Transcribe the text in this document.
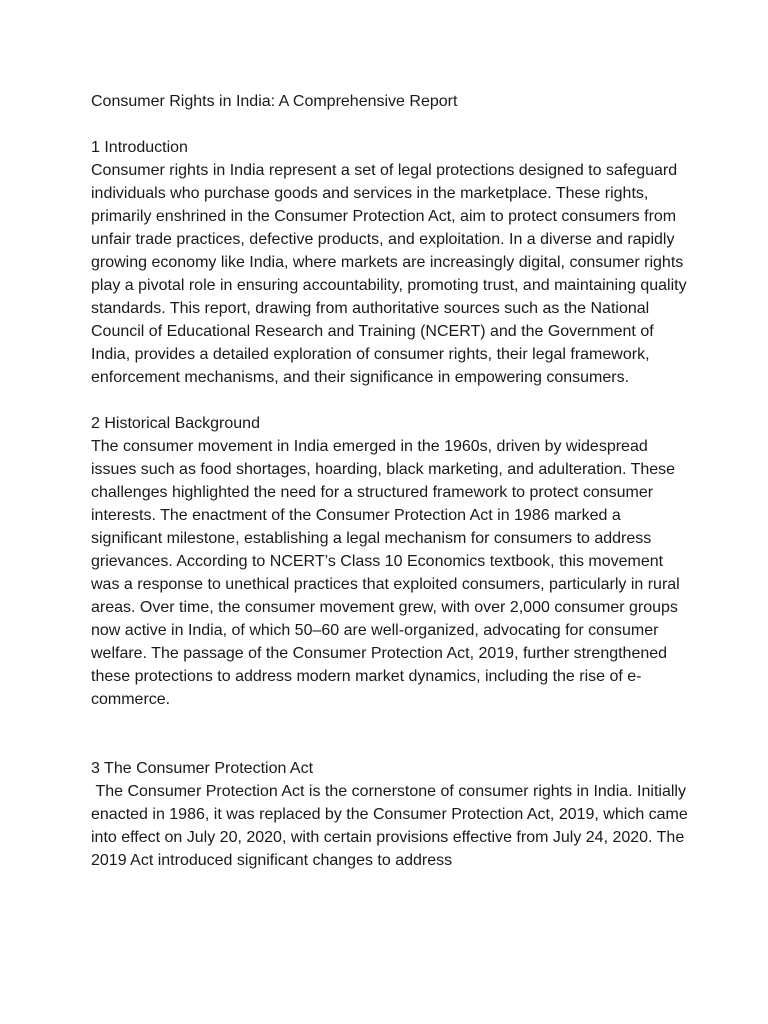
Consumer Rights in India: A Comprehensive Report

1 Introduction

Consumer rights in India represent a set of legal protections designed to safeguard individuals who purchase goods and services in the marketplace. These rights, primarily enshrined in the Consumer Protection Act, aim to protect consumers from unfair trade practices, defective products, and exploitation. In a diverse and rapidly growing economy like India, where markets are increasingly digital, consumer rights play a pivotal role in ensuring accountability, promoting trust, and maintaining quality standards. This report, drawing from authoritative sources such as the National Council of Educational Research and Training (NCERT) and the Government of India, provides a detailed exploration of consumer rights, their legal framework, enforcement mechanisms, and their significance in empowering consumers.

2 Historical Background

The consumer movement in India emerged in the 1960s, driven by widespread issues such as food shortages, hoarding, black marketing, and adulteration. These challenges highlighted the need for a structured framework to protect consumer interests. The enactment of the Consumer Protection Act in 1986 marked a significant milestone, establishing a legal mechanism for consumers to address grievances. According to NCERT’s Class 10 Economics textbook, this movement was a response to unethical practices that exploited consumers, particularly in rural areas. Over time, the consumer movement grew, with over 2,000 consumer groups now active in India, of which 50–60 are well-organized, advocating for consumer welfare. The passage of the Consumer Protection Act, 2019, further strengthened these protections to address modern market dynamics, including the rise of e-commerce.

3 The Consumer Protection Act

The Consumer Protection Act is the cornerstone of consumer rights in India. Initially enacted in 1986, it was replaced by the Consumer Protection Act, 2019, which came into effect on July 20, 2020, with certain provisions effective from July 24, 2020. The 2019 Act introduced significant changes to address
